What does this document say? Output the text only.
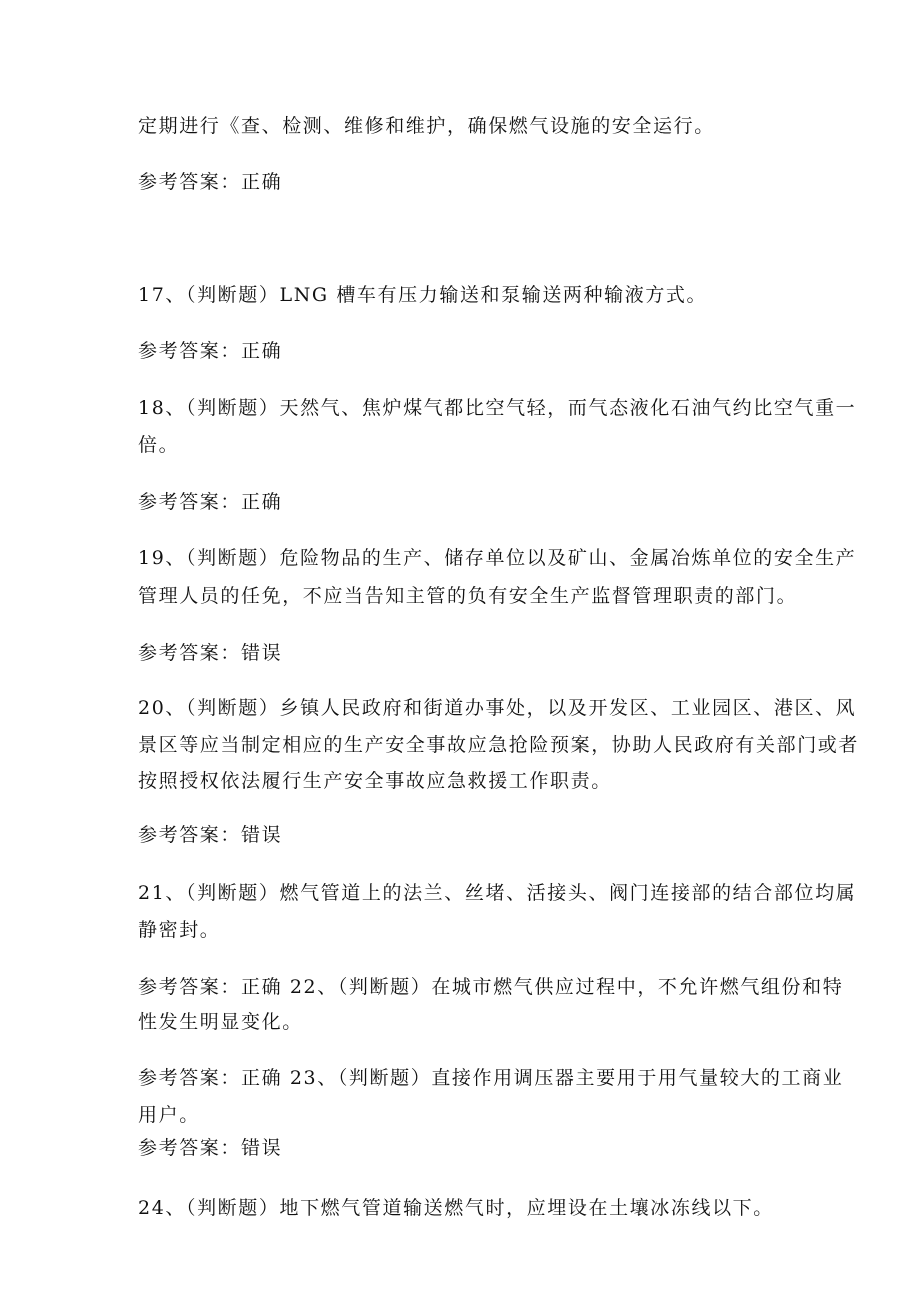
定期进行《查、检测、维修和维护，确保燃气设施的安全运行。
参考答案：正确
17、（判断题）LNG 槽车有压力输送和泵输送两种输液方式。
参考答案：正确
18、（判断题）天然气、焦炉煤气都比空气轻，而气态液化石油气约比空气重一
倍。
参考答案：正确
19、（判断题）危险物品的生产、储存单位以及矿山、金属冶炼单位的安全生产
管理人员的任免，不应当告知主管的负有安全生产监督管理职责的部门。
参考答案：错误
20、（判断题）乡镇人民政府和街道办事处，以及开发区、工业园区、港区、风
景区等应当制定相应的生产安全事故应急抢险预案，协助人民政府有关部门或者
按照授权依法履行生产安全事故应急救援工作职责。
参考答案：错误
21、（判断题）燃气管道上的法兰、丝堵、活接头、阀门连接部的结合部位均属
静密封。
参考答案：正确 22、（判断题）在城市燃气供应过程中，不允许燃气组份和特
性发生明显变化。
参考答案：正确 23、（判断题）直接作用调压器主要用于用气量较大的工商业
用户。
参考答案：错误
24、（判断题）地下燃气管道输送燃气时，应埋设在土壤冰冻线以下。
